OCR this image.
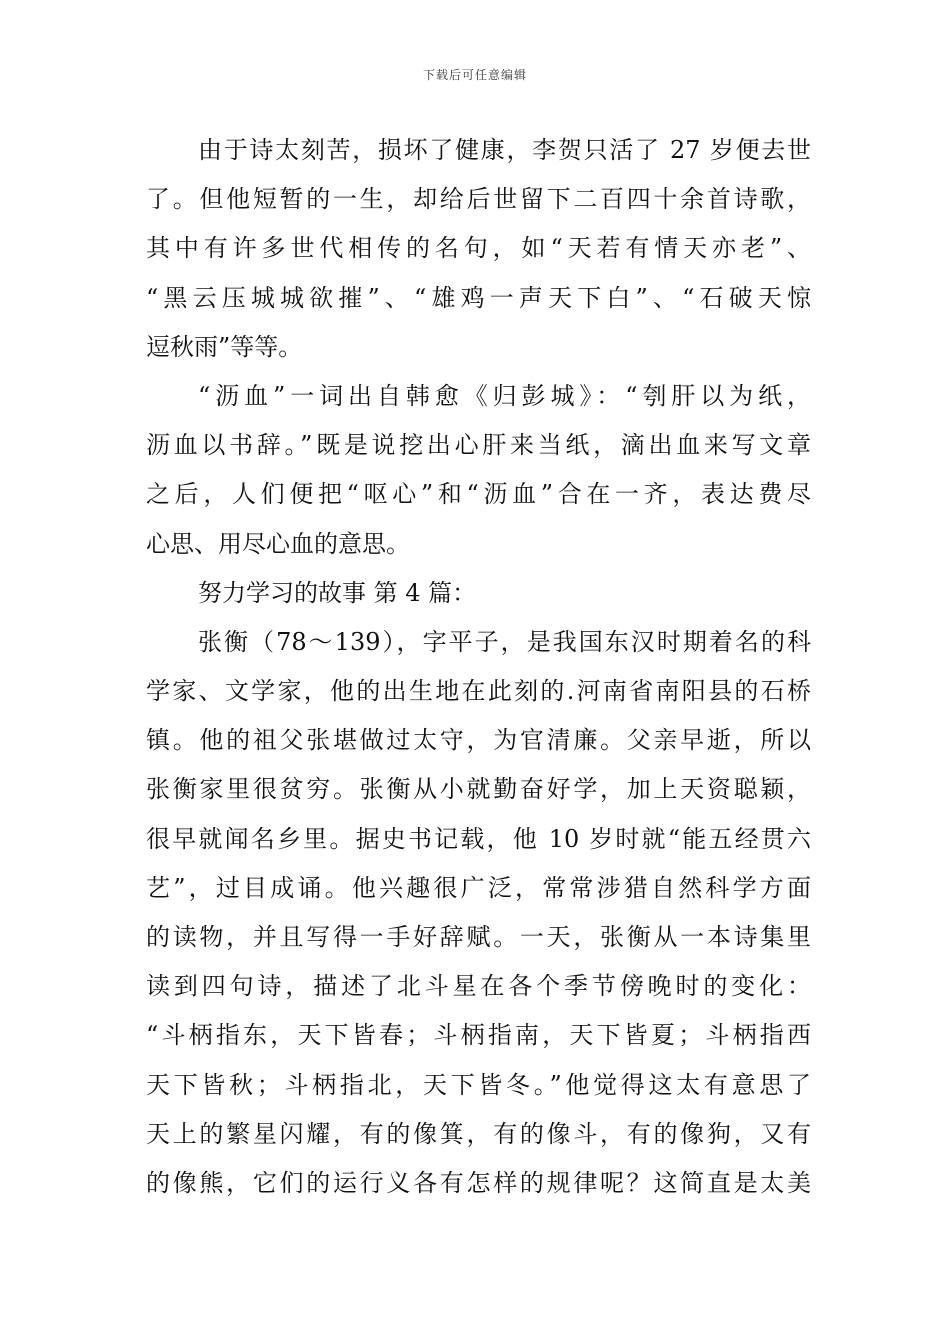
下载后可任意编辑
由于诗太刻苦，损坏了健康，李贺只活了 27 岁便去世
了。但他短暂的一生，却给后世留下二百四十余首诗歌，
其中有许多世代相传的名句，如“天若有情天亦老”、
“黑云压城城欲摧”、“雄鸡一声天下白”、“石破天惊
逗秋雨”等等。
“沥血”一词出自韩愈《归彭城》：“刳肝以为纸，
沥血以书辞。”既是说挖出心肝来当纸，滴出血来写文章
之后，人们便把“呕心”和“沥血”合在一齐，表达费尽
心思、用尽心血的意思。
努力学习的故事 第 4 篇：
张衡（78～139），字平子，是我国东汉时期着名的科
学家、文学家，他的出生地在此刻的.河南省南阳县的石桥
镇。他的祖父张堪做过太守，为官清廉。父亲早逝，所以
张衡家里很贫穷。张衡从小就勤奋好学，加上天资聪颖，
很早就闻名乡里。据史书记载，他 10 岁时就“能五经贯六
艺”，过目成诵。他兴趣很广泛，常常涉猎自然科学方面
的读物，并且写得一手好辞赋。一天，张衡从一本诗集里
读到四句诗，描述了北斗星在各个季节傍晚时的变化：
“斗柄指东，天下皆春；斗柄指南，天下皆夏；斗柄指西
天下皆秋；斗柄指北，天下皆冬。”他觉得这太有意思了
天上的繁星闪耀，有的像箕，有的像斗，有的像狗，又有
的像熊，它们的运行义各有怎样的规律呢？这简直是太美
